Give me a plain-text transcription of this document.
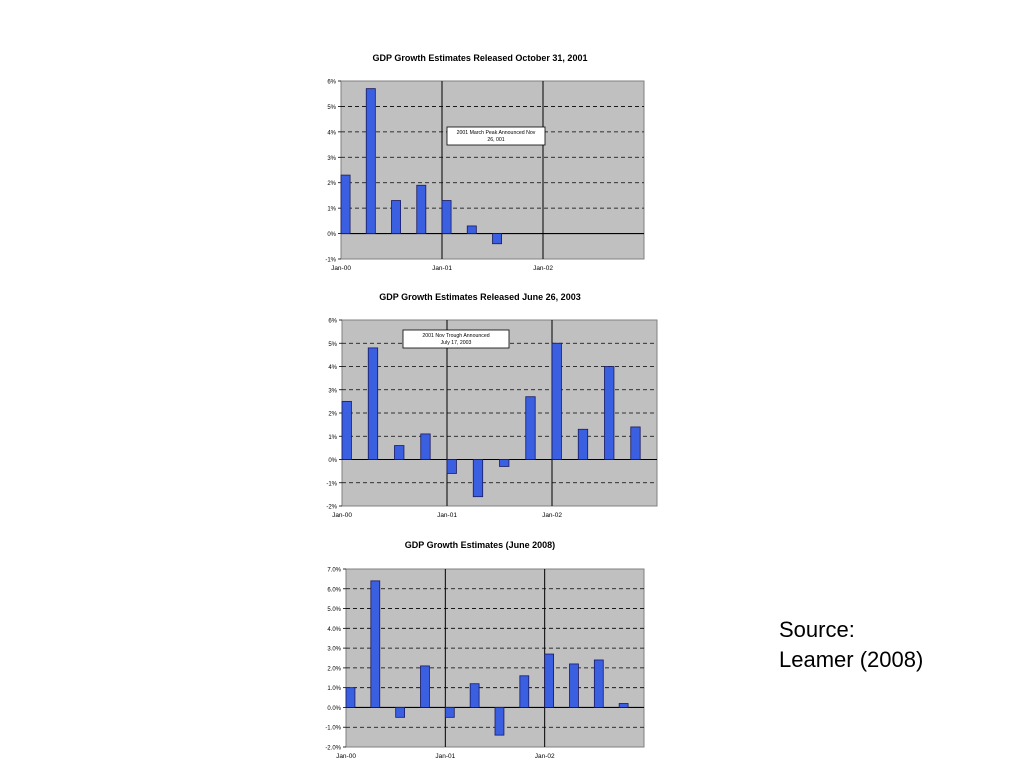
GDP Growth Estimates Released October 31, 2001
-1%
0%
1%
2%
3%
4%
5%
6%
Jan-00	Jan-01	Jan-02
2001 March Peak Announced Nov
26, 001
GDP Growth Estimates Released June 26, 2003
-2%
-1%
0%
1%
2%
3%
4%
5%
6%
Jan-00	Jan-01	Jan-02
2001 Nov Trough Announced
July 17, 2003
GDP Growth Estimates (June 2008)
-2.0%
-1.0%
0.0%
1.0%
2.0%
3.0%
4.0%
5.0%
6.0%
7.0%
Jan-00	Jan-01	Jan-02
Source:
Leamer (2008)
